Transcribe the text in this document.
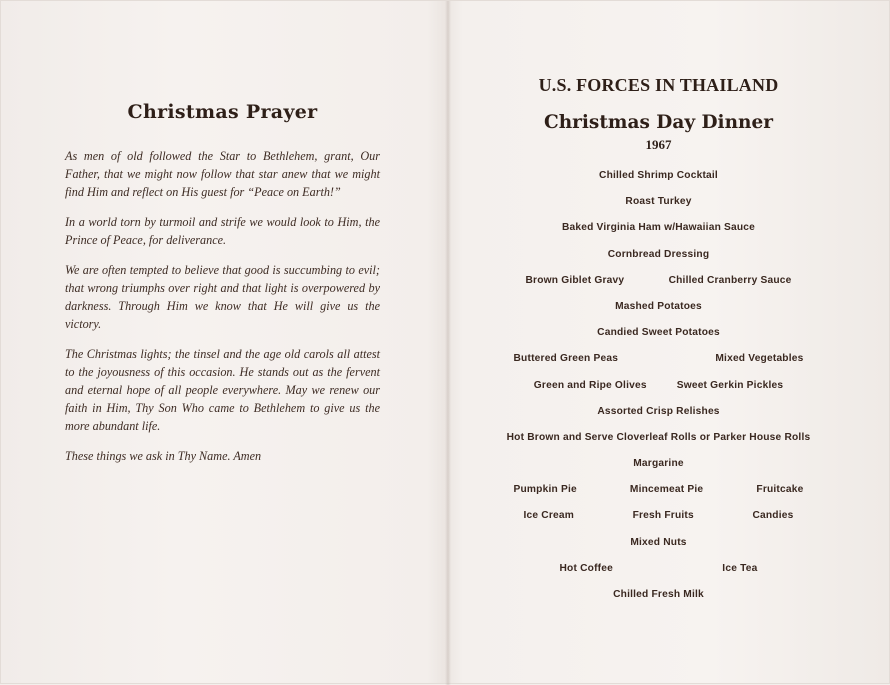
Christmas Prayer

As men of old followed the Star to Bethlehem, grant, Our Father, that we might now follow that star anew that we might find Him and reflect on His guest for “Peace on Earth!”

In a world torn by turmoil and strife we would look to Him, the Prince of Peace, for deliverance.

We are often tempted to believe that good is succumbing to evil; that wrong triumphs over right and that light is overpowered by darkness. Through Him we know that He will give us the victory.

The Christmas lights; the tinsel and the age old carols all attest to the joyousness of this occasion. He stands out as the fervent and eternal hope of all people everywhere. May we renew our faith in Him, Thy Son Who came to Bethlehem to give us the more abundant life.

These things we ask in Thy Name. Amen

U.S. FORCES IN THAILAND
Christmas Day Dinner
1967
Chilled Shrimp Cocktail
Roast Turkey
Baked Virginia Ham w/Hawaiian Sauce
Cornbread Dressing
Brown Giblet Gravy	Chilled Cranberry Sauce
Mashed Potatoes
Candied Sweet Potatoes
Buttered Green Peas	Mixed Vegetables
Green and Ripe Olives	Sweet Gerkin Pickles
Assorted Crisp Relishes
Hot Brown and Serve Cloverleaf Rolls or Parker House Rolls
Margarine
Pumpkin Pie	Mincemeat Pie	Fruitcake
Ice Cream	Fresh Fruits	Candies
Mixed Nuts
Hot Coffee	Ice Tea
Chilled Fresh Milk
